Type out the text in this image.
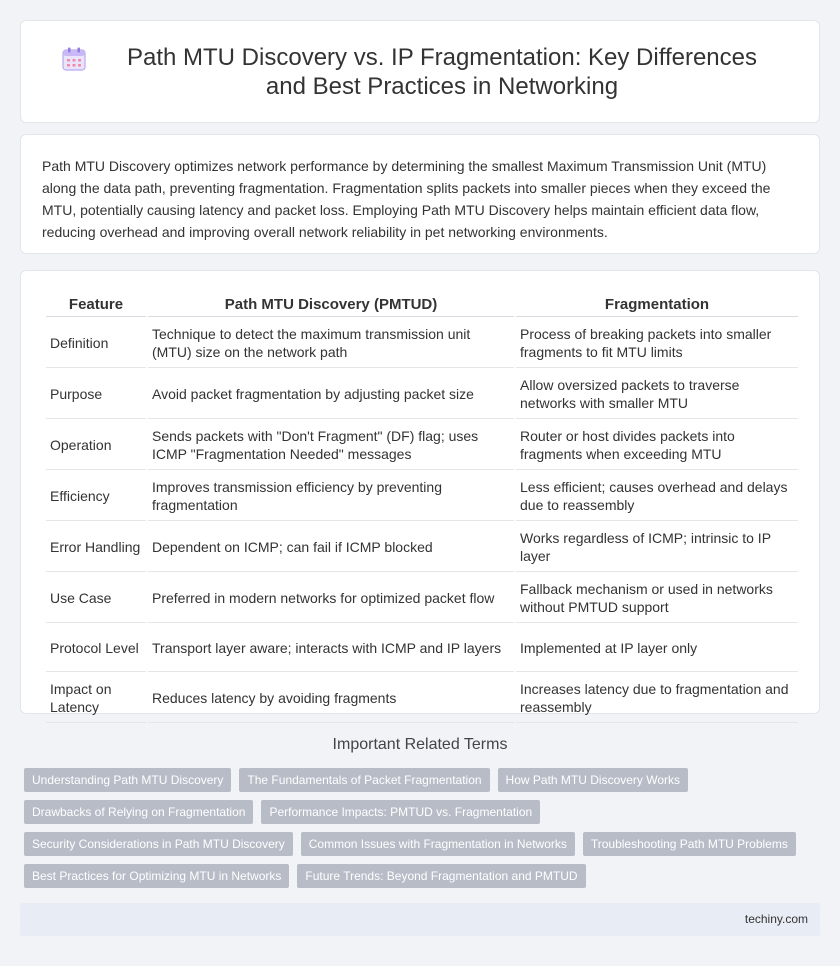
Path MTU Discovery vs. IP Fragmentation: Key Differences and Best Practices in Networking

Path MTU Discovery optimizes network performance by determining the smallest Maximum Transmission Unit (MTU) along the data path, preventing fragmentation. Fragmentation splits packets into smaller pieces when they exceed the MTU, potentially causing latency and packet loss. Employing Path MTU Discovery helps maintain efficient data flow, reducing overhead and improving overall network reliability in pet networking environments.

Feature	Path MTU Discovery (PMTUD)	Fragmentation
Definition	Technique to detect the maximum transmission unit (MTU) size on the network path	Process of breaking packets into smaller fragments to fit MTU limits
Purpose	Avoid packet fragmentation by adjusting packet size	Allow oversized packets to traverse networks with smaller MTU
Operation	Sends packets with "Don't Fragment" (DF) flag; uses ICMP "Fragmentation Needed" messages	Router or host divides packets into fragments when exceeding MTU
Efficiency	Improves transmission efficiency by preventing fragmentation	Less efficient; causes overhead and delays due to reassembly
Error Handling	Dependent on ICMP; can fail if ICMP blocked	Works regardless of ICMP; intrinsic to IP layer
Use Case	Preferred in modern networks for optimized packet flow	Fallback mechanism or used in networks without PMTUD support
Protocol Level	Transport layer aware; interacts with ICMP and IP layers	Implemented at IP layer only
Impact on Latency	Reduces latency by avoiding fragments	Increases latency due to fragmentation and reassembly
Important Related Terms
Understanding Path MTU Discovery	The Fundamentals of Packet Fragmentation	How Path MTU Discovery Works
Drawbacks of Relying on Fragmentation	Performance Impacts: PMTUD vs. Fragmentation
Security Considerations in Path MTU Discovery	Common Issues with Fragmentation in Networks	Troubleshooting Path MTU Problems
Best Practices for Optimizing MTU in Networks	Future Trends: Beyond Fragmentation and PMTUD
techiny.com
